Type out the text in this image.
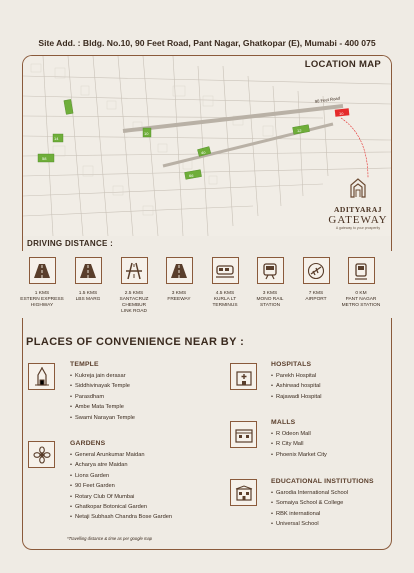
Site Add. : Bldg. No.10, 90 Feet Road, Pant Nagar, Ghatkopar (E), Mumabi - 400 075
90 Feet Road
10
12
40
66
58
10
14
LOCATION MAP
ADITYARAJ
GATEWAY
A gateway to your prosperity
DRIVING DISTANCE :
1 KMS
ESTERN EXPRESS
HIGHWAY
1.5 KMS
LBS MARG
2.5 KMS
SANTACRUZ
CHEMBUR
LINK ROAD
3 KMS
FREEWAY
4.5 KMS
KURLA LT
TERMINUS
3 KMS
MONO RAIL
STATION
7 KMS
AIRPORT
0 KM
PANT NAGAR
METRO STATION
PLACES OF CONVENIENCE NEAR BY :
TEMPLE
• Kukreja jain derasar
• Siddhivinayak Temple
• Parasdham
• Ambe Mata Temple
• Swami Narayan Temple
GARDENS
• General Arunkumar Maidan
• Acharya atre Maidan
• Lions Garden
• 90 Feet Garden
• Rotary Club Of Mumbai
• Ghatkopar Botonical Garden
• Netaji Subhash Chandra Bose Garden
HOSPITALS
• Parekh Hospital
• Ashirwad hospital
• Rajawadi Hospital
MALLS
• R Odeon Mall
• R City Mall
• Phoenix Market City
EDUCATIONAL INSTITUTIONS
• Garodia International School
• Somaiya School & College
• RBK international
• Universal School
*Travelling distance & time as per google map
